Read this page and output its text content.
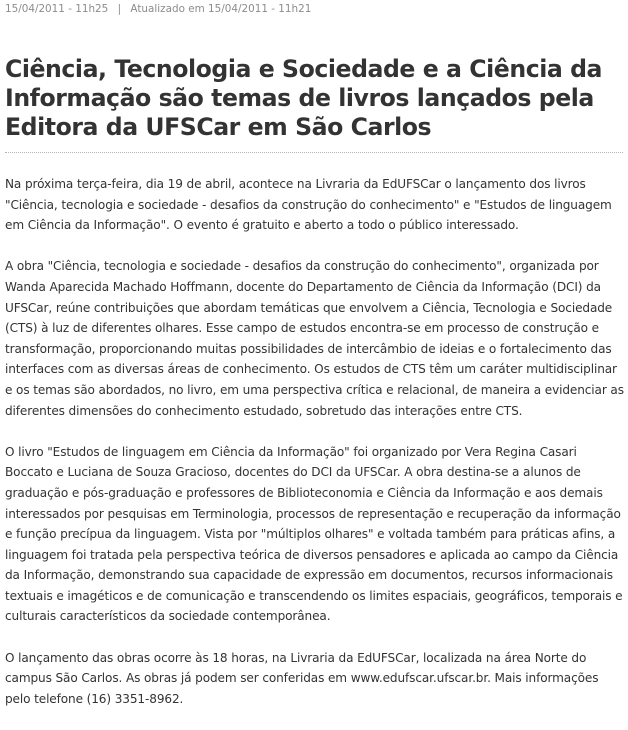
15/04/2011 - 11h25 | Atualizado em 15/04/2011 - 11h21
Ciência, Tecnologia e Sociedade e a Ciência da Informação são temas de livros lançados pela Editora da UFSCar em São Carlos

Na próxima terça-feira, dia 19 de abril, acontece na Livraria da EdUFSCar o lançamento dos livros "Ciência, tecnologia e sociedade - desafios da construção do conhecimento" e "Estudos de linguagem em Ciência da Informação". O evento é gratuito e aberto a todo o público interessado.

A obra "Ciência, tecnologia e sociedade - desafios da construção do conhecimento", organizada por Wanda Aparecida Machado Hoffmann, docente do Departamento de Ciência da Informação (DCI) da UFSCar, reúne contribuições que abordam temáticas que envolvem a Ciência, Tecnologia e Sociedade (CTS) à luz de diferentes olhares. Esse campo de estudos encontra-se em processo de construção e transformação, proporcionando muitas possibilidades de intercâmbio de ideias e o fortalecimento das interfaces com as diversas áreas de conhecimento. Os estudos de CTS têm um caráter multidisciplinar e os temas são abordados, no livro, em uma perspectiva crítica e relacional, de maneira a evidenciar as diferentes dimensões do conhecimento estudado, sobretudo das interações entre CTS.

O livro "Estudos de linguagem em Ciência da Informação" foi organizado por Vera Regina Casari Boccato e Luciana de Souza Gracioso, docentes do DCI da UFSCar. A obra destina-se a alunos de graduação e pós-graduação e professores de Biblioteconomia e Ciência da Informação e aos demais interessados por pesquisas em Terminologia, processos de representação e recuperação da informação e função precípua da linguagem. Vista por "múltiplos olhares" e voltada também para práticas afins, a linguagem foi tratada pela perspectiva teórica de diversos pensadores e aplicada ao campo da Ciência da Informação, demonstrando sua capacidade de expressão em documentos, recursos informacionais textuais e imagéticos e de comunicação e transcendendo os limites espaciais, geográficos, temporais e culturais característicos da sociedade contemporânea.

O lançamento das obras ocorre às 18 horas, na Livraria da EdUFSCar, localizada na área Norte do campus São Carlos. As obras já podem ser conferidas em www.edufscar.ufscar.br. Mais informações pelo telefone (16) 3351-8962.
